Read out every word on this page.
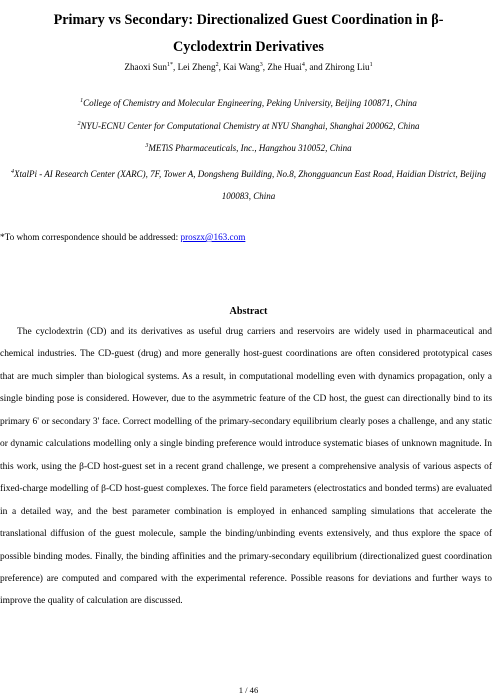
Primary vs Secondary: Directionalized Guest Coordination in β-Cyclodextrin Derivatives
Zhaoxi Sun$^{1*}$, Lei Zheng$^2$, Kai Wang$^3$, Zhe Huai$^4$, and Zhirong Liu$^1$
$^1$College of Chemistry and Molecular Engineering, Peking University, Beijing 100871, China
$^2$NYU-ECNU Center for Computational Chemistry at NYU Shanghai, Shanghai 200062, China
$^3$METiS Pharmaceuticals, Inc., Hangzhou 310052, China
$^4$XtalPi - AI Research Center (XARC), 7F, Tower A, Dongsheng Building, No.8, Zhongguancun East Road, Haidian District, Beijing 100083, China
*To whom correspondence should be addressed: proszx@163.com
Abstract

The cyclodextrin (CD) and its derivatives as useful drug carriers and reservoirs are widely used in pharmaceutical and chemical industries. The CD-guest (drug) and more generally host-guest coordinations are often considered prototypical cases that are much simpler than biological systems. As a result, in computational modelling even with dynamics propagation, only a single binding pose is considered. However, due to the asymmetric feature of the CD host, the guest can directionally bind to its primary 6' or secondary 3' face. Correct modelling of the primary-secondary equilibrium clearly poses a challenge, and any static or dynamic calculations modelling only a single binding preference would introduce systematic biases of unknown magnitude. In this work, using the β-CD host-guest set in a recent grand challenge, we present a comprehensive analysis of various aspects of fixed-charge modelling of β-CD host-guest complexes. The force field parameters (electrostatics and bonded terms) are evaluated in a detailed way, and the best parameter combination is employed in enhanced sampling simulations that accelerate the translational diffusion of the guest molecule, sample the binding/unbinding events extensively, and thus explore the space of possible binding modes. Finally, the binding affinities and the primary-secondary equilibrium (directionalized guest coordination preference) are computed and compared with the experimental reference. Possible reasons for deviations and further ways to improve the quality of calculation are discussed.

1 / 46
